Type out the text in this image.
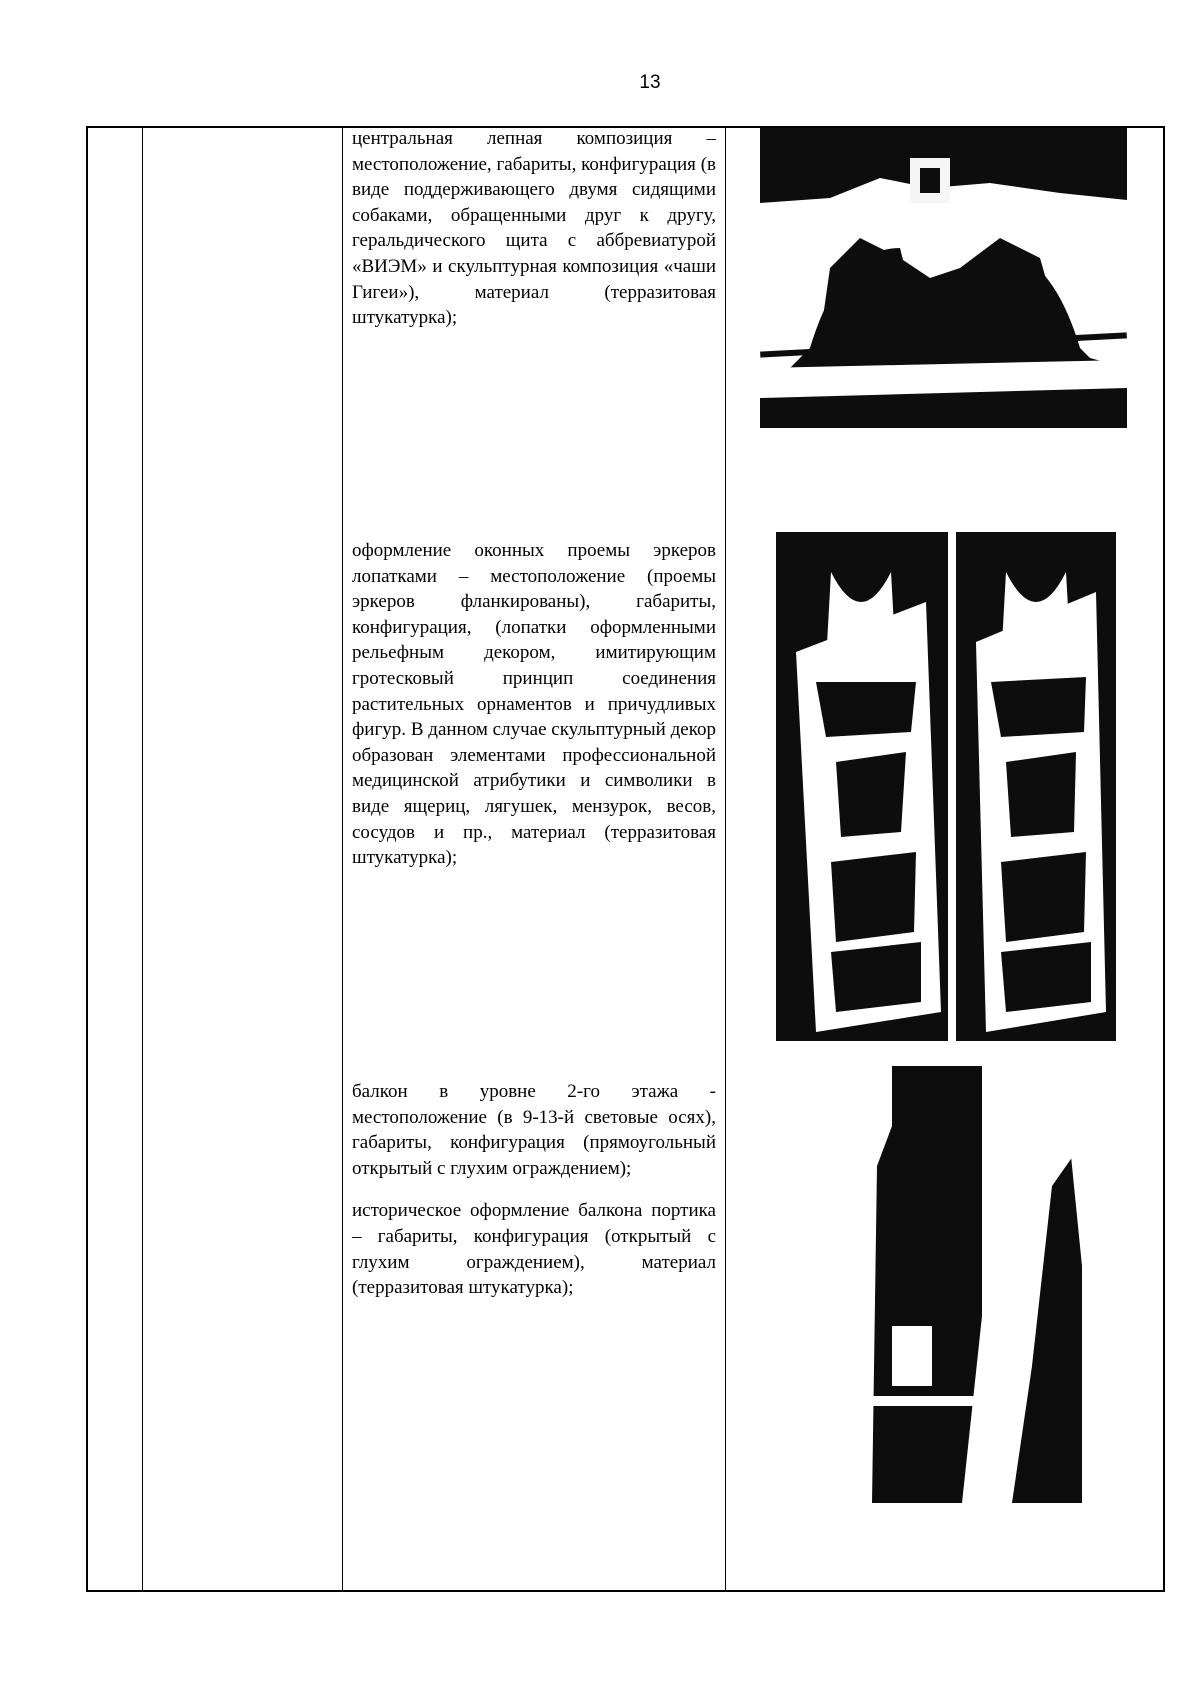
13

центральная лепная композиция – местоположение, габариты, конфигурация (в виде поддерживающего двумя сидящими собаками, обращенными друг к другу, геральдического щита с аббревиатурой «ВИЭМ» и скульптурная композиция «чаши Гигеи»), материал (терразитовая штукатурка);

оформление оконных проемы эркеров лопатками – местоположение (проемы эркеров фланкированы), габариты, конфигурация, (лопатки оформленными рельефным декором, имитирующим гротесковый принцип соединения растительных орнаментов и причудливых фигур. В данном случае скульптурный декор образован элементами профессиональной медицинской атрибутики и символики в виде ящериц, лягушек, мензурок, весов, сосудов и пр., материал (терразитовая штукатурка);

балкон в уровне 2-го этажа - местоположение (в 9-13-й световые осях), габариты, конфигурация (прямоугольный открытый с глухим ограждением);

историческое оформление балкона портика – габариты, конфигурация (открытый с глухим ограждением), материал (терразитовая штукатурка);
